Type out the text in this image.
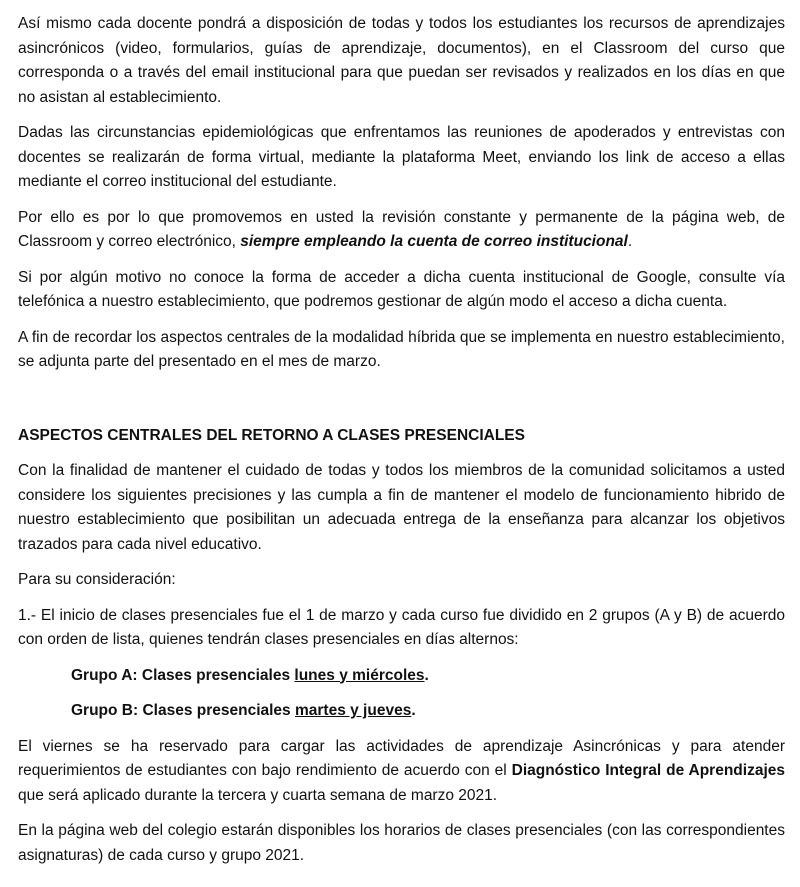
Así mismo cada docente pondrá a disposición de todas y todos los estudiantes los recursos de aprendizajes asincrónicos (video, formularios, guías de aprendizaje, documentos), en el Classroom del curso que corresponda o a través del email institucional para que puedan ser revisados y realizados en los días en que no asistan al establecimiento.

Dadas las circunstancias epidemiológicas que enfrentamos las reuniones de apoderados y entrevistas con docentes se realizarán de forma virtual, mediante la plataforma Meet, enviando los link de acceso a ellas mediante el correo institucional del estudiante.

Por ello es por lo que promovemos en usted la revisión constante y permanente de la página web, de Classroom y correo electrónico, siempre empleando la cuenta de correo institucional.

Si por algún motivo no conoce la forma de acceder a dicha cuenta institucional de Google, consulte vía telefónica a nuestro establecimiento, que podremos gestionar de algún modo el acceso a dicha cuenta.

A fin de recordar los aspectos centrales de la modalidad híbrida que se implementa en nuestro establecimiento, se adjunta parte del presentado en el mes de marzo.

ASPECTOS CENTRALES DEL RETORNO A CLASES PRESENCIALES

Con la finalidad de mantener el cuidado de todas y todos los miembros de la comunidad solicitamos a usted considere los siguientes precisiones y las cumpla a fin de mantener el modelo de funcionamiento hibrido de nuestro establecimiento que posibilitan un adecuada entrega de la enseñanza para alcanzar los objetivos trazados para cada nivel educativo.

Para su consideración:

1.- El inicio de clases presenciales fue el 1 de marzo y cada curso fue dividido en 2 grupos (A y B) de acuerdo con orden de lista, quienes tendrán clases presenciales en días alternos:

Grupo A: Clases presenciales lunes y miércoles.
Grupo B: Clases presenciales martes y jueves.

El viernes se ha reservado para cargar las actividades de aprendizaje Asincrónicas y para atender requerimientos de estudiantes con bajo rendimiento de acuerdo con el Diagnóstico Integral de Aprendizajes que será aplicado durante la tercera y cuarta semana de marzo 2021.

En la página web del colegio estarán disponibles los horarios de clases presenciales (con las correspondientes asignaturas) de cada curso y grupo 2021.
